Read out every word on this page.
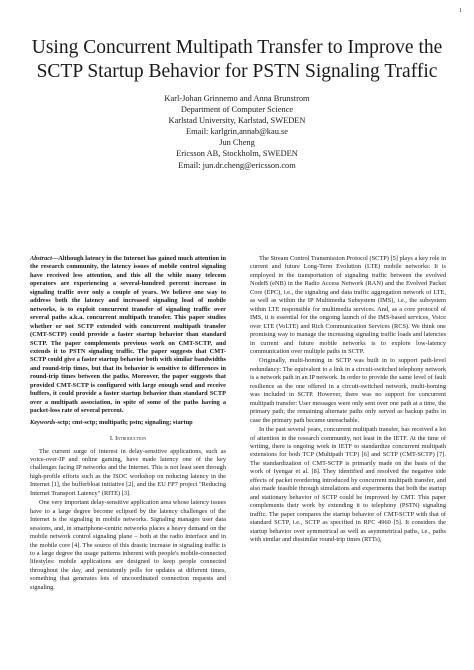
1
Using Concurrent Multipath Transfer to Improve the
SCTP Startup Behavior for PSTN Signaling Traffic
Karl-Johan Grinnemo and Anna Brunstrom
Department of Computer Science
Karlstad University, Karlstad, SWEDEN
Email: karlgrin,annab@kau.se
Jun Cheng
Ericsson AB, Stockholm, SWEDEN
Email: jun.dr.cheng@ericsson.com
Abstract—Although latency in the Internet has gained much attention in the research community, the latency issues of mobile control signaling have received less attention, and this all the while many telecom operators are experiencing a several-hundred percent increase in signaling traffic over only a couple of years. We believe one way to address both the latency and increased signaling load of mobile networks, is to exploit concurrent transfer of signaling traffic over several paths a.k.a. concurrent multipath transfer. This paper studies whether or not SCTP extended with concurrent multipath transfer (CMT-SCTP) could provide a faster startup behavior than standard SCTP. The paper complements previous work on CMT-SCTP, and extends it to PSTN signaling traffic. The paper suggests that CMT-SCTP could give a faster startup behavior both with similar bandwidths and round-trip times, but that its behavior is sensitive to differences in round-trip times between the paths. Moreover, the paper suggests that provided CMT-SCTP is configured with large enough send and receive buffers, it could provide a faster startup behavior than standard SCTP over a multipath association, in spite of some of the paths having a packet-loss rate of several percent.
Keywords-sctp; cmt-sctp; multipath; pstn; signaling; startup
I. Introduction

The current surge of interest in delay-sensitive applications, such as voice-over-IP and online gaming, have made latency one of the key challenges facing IP networks and the Internet. This is not least seen through high-profile efforts such as the ISOC workshop on reducing latency in the Internet [1], the bufferbloat initiative [2], and the EU FP7 project "Reducing Internet Transport Latency" (RITE) [3].

One very important delay-sensitive application area whose latency issues have to a large degree become eclipsed by the latency challenges of the Internet is the signaling in mobile networks. Signaling manages user data sessions, and, in smartphone-centric networks places a heavy demand on the mobile network control signaling plane – both at the radio interface and in the mobile core [4]. The source of this drastic increase in signaling traffic is to a large degree the usage patterns inherent with people's mobile-connected lifestyles: mobile applications are designed to keep people connected throughout the day, and persistently polls for updates at different times, something that generates lots of uncoordinated connection requests and signaling.

The Stream Control Transmission Protocol (SCTP) [5] plays a key role in current and future Long-Term Evolution (LTE) mobile networks: It is employed in the transportation of signaling traffic between the evolved NodeB (eNB) in the Radio Access Network (RAN) and the Evolved Packet Core (EPC), i.e., the signaling and data traffic aggregation network of LTE, as well as within the IP Multimedia Subsystem (IMS), i.e., the subsystem within LTE responsible for multimedia services. And, as a core protocol of IMS, it is essential for the ongoing launch of the IMS-based services, Voice over LTE (VoLTE) and Rich Communication Services (RCS). We think one promising way to manage the increasing signaling traffic loads and latencies in current and future mobile networks is to explore low-latency communication over multiple paths in SCTP.

Originally, multi-homing in SCTP was built in to support path-level redundancy: The equivalent to a link in a circuit-switched telephony network is a network path in an IP network. In order to provide the same level of fault resilience as the one offered in a circuit-switched network, multi-homing was included in SCTP. However, there was no support for concurrent multipath transfer: User messages were only sent over one path at a time, the primary path; the remaining alternate paths only served as backup paths in case the primary path became unreachable.

In the past several years, concurrent multipath transfer, has received a lot of attention in the research community, not least in the IETF. At the time of writing, there is ongoing work in IETF to standardize concurrent multipath extensions for both TCP (Multipath TCP) [6] and SCTP (CMT-SCTP) [7]. The standardization of CMT-SCTP is primarily made on the basis of the work of Iyengar et al. [8]. They identified and resolved the negative side effects of packet reordering introduced by concurrent multipath transfer, and also made feasible through simulations and experiments that both the startup and stationary behavior of SCTP could be improved by CMT. This paper complements their work by extending it to telephony (PSTN) signaling traffic. The paper compares the startup behavior of CMT-SCTP with that of standard SCTP, i.e., SCTP as specified in RFC 4960 [5]. It considers the startup behavior over symmetrical as well as asymmetrical paths, i.e., paths with similar and dissimilar round-trip times (RTTs),
